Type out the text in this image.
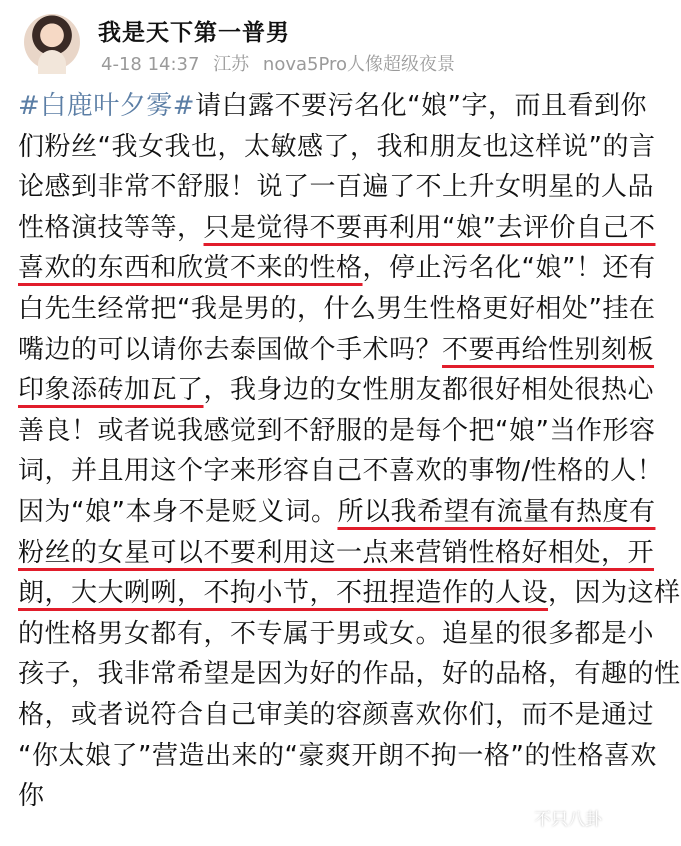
我是天下第一普男
4-18 14:37 江苏 nova5Pro人像超级夜景
#白鹿叶夕雾#请白露不要污名化“娘”字，而且看到你
们粉丝“我女我也，太敏感了，我和朋友也这样说”的言
论感到非常不舒服！说了一百遍了不上升女明星的人品
性格演技等等，只是觉得不要再利用“娘”去评价自己不
喜欢的东西和欣赏不来的性格，停止污名化“娘”！还有
白先生经常把“我是男的，什么男生性格更好相处”挂在
嘴边的可以请你去泰国做个手术吗？不要再给性别刻板
印象添砖加瓦了，我身边的女性朋友都很好相处很热心
善良！或者说我感觉到不舒服的是每个把“娘”当作形容
词，并且用这个字来形容自己不喜欢的事物/性格的人！
因为“娘”本身不是贬义词。所以我希望有流量有热度有
粉丝的女星可以不要利用这一点来营销性格好相处，开
朗，大大咧咧，不拘小节，不扭捏造作的人设，因为这样
的性格男女都有，不专属于男或女。追星的很多都是小
孩子，我非常希望是因为好的作品，好的品格，有趣的性
格，或者说符合自己审美的容颜喜欢你们，而不是通过
“你太娘了”营造出来的“豪爽开朗不拘一格”的性格喜欢
你
不只八卦
